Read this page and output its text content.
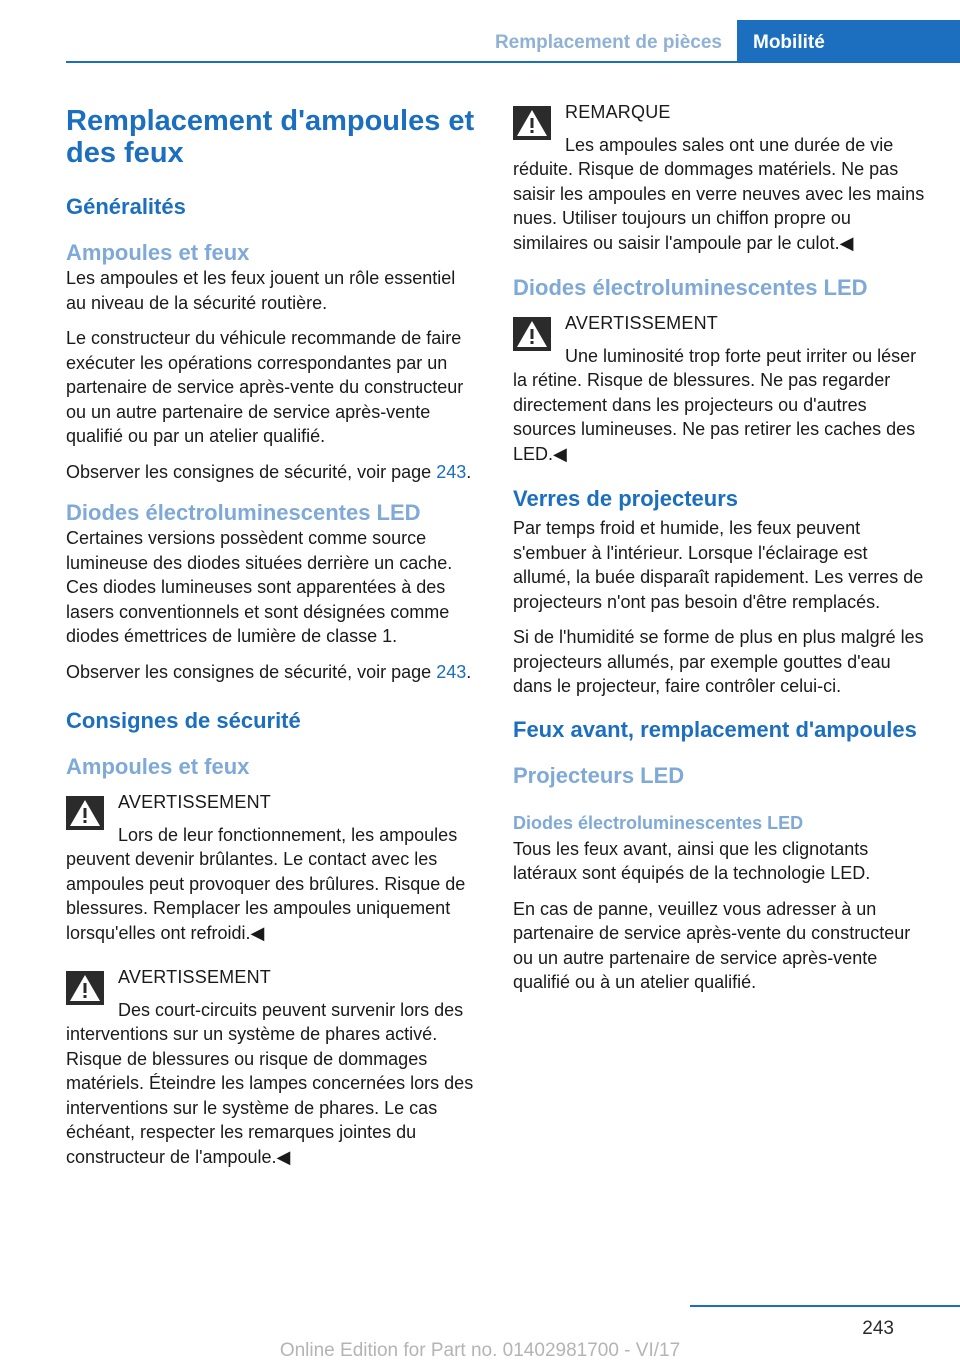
Remplacement de pièces	Mobilité
Remplacement d'ampoules et des feux
Généralités
Ampoules et feux

Les ampoules et les feux jouent un rôle essentiel au niveau de la sécurité routière.

Le constructeur du véhicule recommande de faire exécuter les opérations correspondantes par un partenaire de service après-vente du constructeur ou un autre partenaire de service après-vente qualifié ou par un atelier qualifié.

Observer les consignes de sécurité, voir page 243.

Diodes électroluminescentes LED

Certaines versions possèdent comme source lumineuse des diodes situées derrière un cache. Ces diodes lumineuses sont apparentées à des lasers conventionnels et sont désignées comme diodes émettrices de lumière de classe 1.

Observer les consignes de sécurité, voir page 243.

Consignes de sécurité
Ampoules et feux
AVERTISSEMENT
Lors de leur fonctionnement, les ampoules peuvent devenir brûlantes. Le contact avec les ampoules peut provoquer des brûlures. Risque de blessures. Remplacer les ampoules uniquement lorsqu'elles ont refroidi.◀
AVERTISSEMENT
Des court-circuits peuvent survenir lors des interventions sur un système de phares activé. Risque de blessures ou risque de dommages matériels. Éteindre les lampes concernées lors des interventions sur le système de phares. Le cas échéant, respecter les remarques jointes du constructeur de l'ampoule.◀
REMARQUE
Les ampoules sales ont une durée de vie réduite. Risque de dommages matériels. Ne pas saisir les ampoules en verre neuves avec les mains nues. Utiliser toujours un chiffon propre ou similaires ou saisir l'ampoule par le culot.◀
Diodes électroluminescentes LED
AVERTISSEMENT
Une luminosité trop forte peut irriter ou léser la rétine. Risque de blessures. Ne pas regarder directement dans les projecteurs ou d'autres sources lumineuses. Ne pas retirer les caches des LED.◀
Verres de projecteurs

Par temps froid et humide, les feux peuvent s'embuer à l'intérieur. Lorsque l'éclairage est allumé, la buée disparaît rapidement. Les verres de projecteurs n'ont pas besoin d'être remplacés.

Si de l'humidité se forme de plus en plus malgré les projecteurs allumés, par exemple gouttes d'eau dans le projecteur, faire contrôler celui-ci.

Feux avant, remplacement d'ampoules
Projecteurs LED
Diodes électroluminescentes LED

Tous les feux avant, ainsi que les clignotants latéraux sont équipés de la technologie LED.

En cas de panne, veuillez vous adresser à un partenaire de service après-vente du constructeur ou un autre partenaire de service après-vente qualifié ou à un atelier qualifié.

243
Online Edition for Part no. 01402981700 - VI/17
